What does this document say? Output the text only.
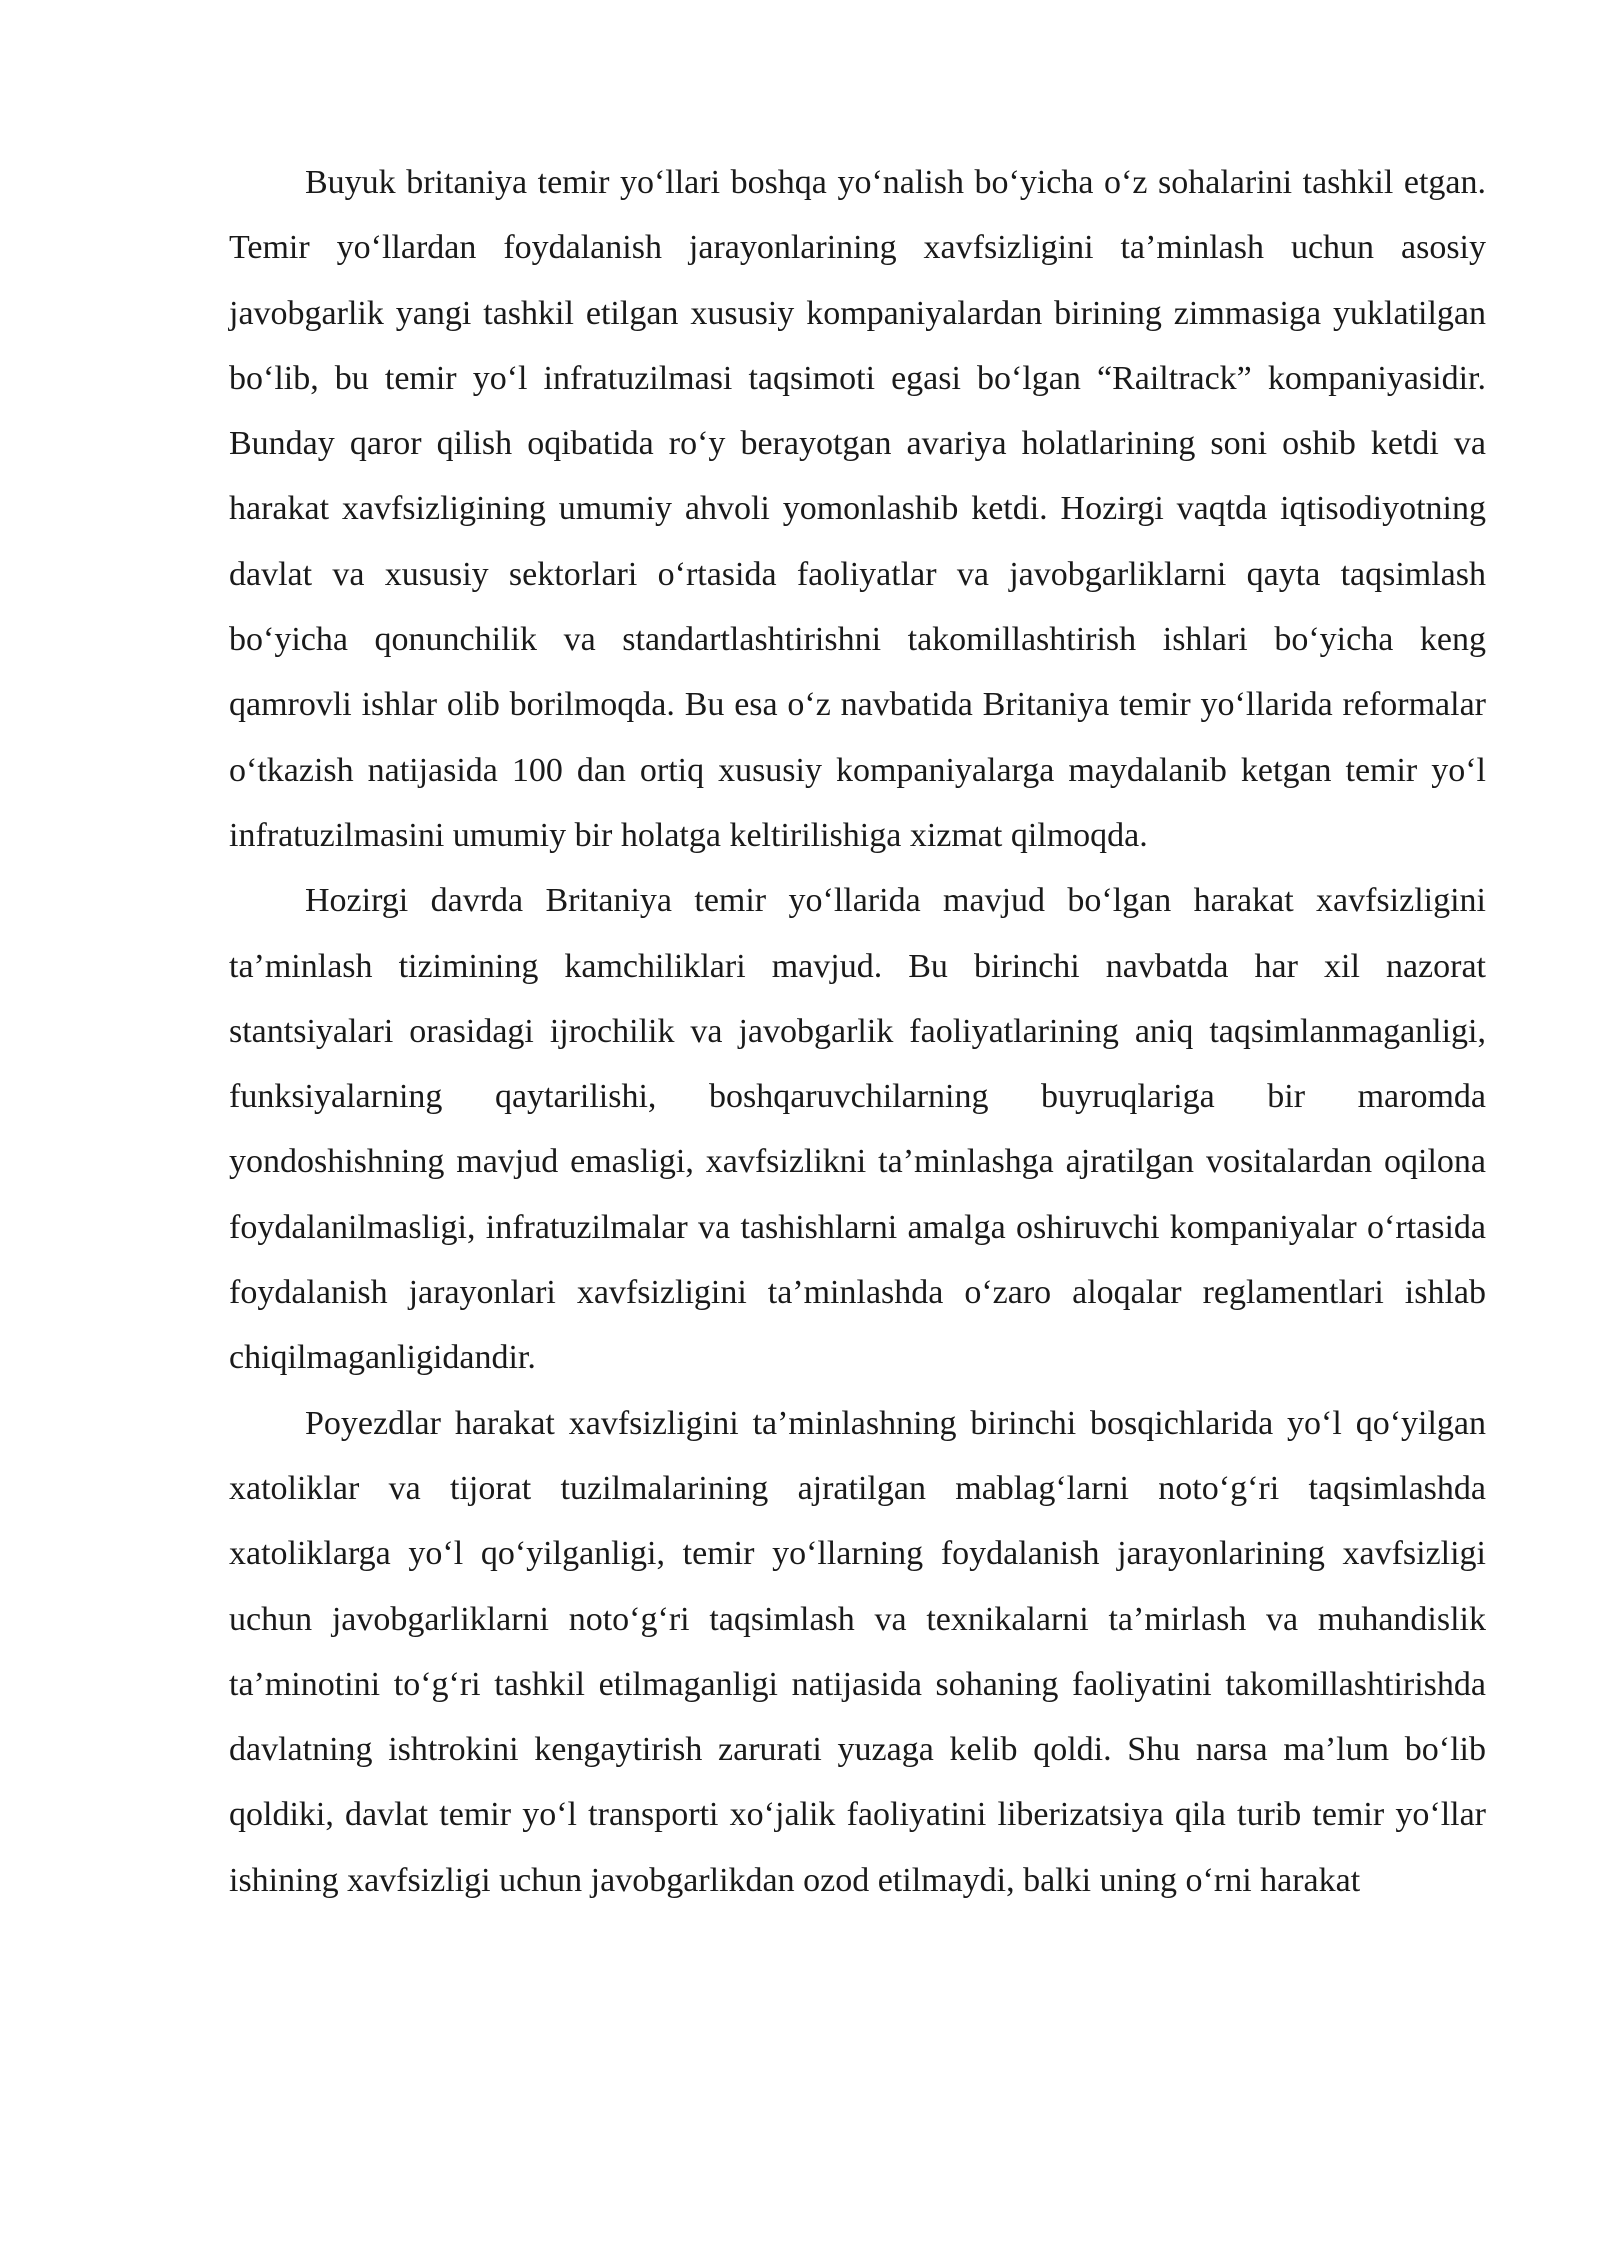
Buyuk britaniya temir yo‘llari boshqa yo‘nalish bo‘yicha o‘z sohalarini tashkil etgan. Temir yo‘llardan foydalanish jarayonlarining xavfsizligini ta’minlash uchun asosiy javobgarlik yangi tashkil etilgan xususiy kompaniyalardan birining zimmasiga yuklatilgan bo‘lib, bu temir yo‘l infratuzilmasi taqsimoti egasi bo‘lgan “Railtrack” kompaniyasidir. Bunday qaror qilish oqibatida ro‘y berayotgan avariya holatlarining soni oshib ketdi va harakat xavfsizligining umumiy ahvoli yomonlashib ketdi. Hozirgi vaqtda iqtisodiyotning davlat va xususiy sektorlari o‘rtasida faoliyatlar va javobgarliklarni qayta taqsimlash bo‘yicha qonunchilik va standartlashtirishni takomillashtirish ishlari bo‘yicha keng qamrovli ishlar olib borilmoqda. Bu esa o‘z navbatida Britaniya temir yo‘llarida reformalar o‘tkazish natijasida 100 dan ortiq xususiy kompaniyalarga maydalanib ketgan temir yo‘l infratuzilmasini umumiy bir holatga keltirilishiga xizmat qilmoqda.

Hozirgi davrda Britaniya temir yo‘llarida mavjud bo‘lgan harakat xavfsizligini ta’minlash tizimining kamchiliklari mavjud. Bu birinchi navbatda har xil nazorat stantsiyalari orasidagi ijrochilik va javobgarlik faoliyatlarining aniq taqsimlanmaganligi, funksiyalarning qaytarilishi, boshqaruvchilarning buyruqlariga bir maromda yondoshishning mavjud emasligi, xavfsizlikni ta’minlashga ajratilgan vositalardan oqilona foydalanilmasligi, infratuzilmalar va tashishlarni amalga oshiruvchi kompaniyalar o‘rtasida foydalanish jarayonlari xavfsizligini ta’minlashda o‘zaro aloqalar reglamentlari ishlab chiqilmaganligidandir.

Poyezdlar harakat xavfsizligini ta’minlashning birinchi bosqichlarida yo‘l qo‘yilgan xatoliklar va tijorat tuzilmalarining ajratilgan mablag‘larni noto‘g‘ri taqsimlashda xatoliklarga yo‘l qo‘yilganligi, temir yo‘llarning foydalanish jarayonlarining xavfsizligi uchun javobgarliklarni noto‘g‘ri taqsimlash va texnikalarni ta’mirlash va muhandislik ta’minotini to‘g‘ri tashkil etilmaganligi natijasida sohaning faoliyatini takomillashtirishda davlatning ishtrokini kengaytirish zarurati yuzaga kelib qoldi. Shu narsa ma’lum bo‘lib qoldiki, davlat temir yo‘l transporti xo‘jalik faoliyatini liberizatsiya qila turib temir yo‘llar ishining xavfsizligi uchun javobgarlikdan ozod etilmaydi, balki uning o‘rni harakat
